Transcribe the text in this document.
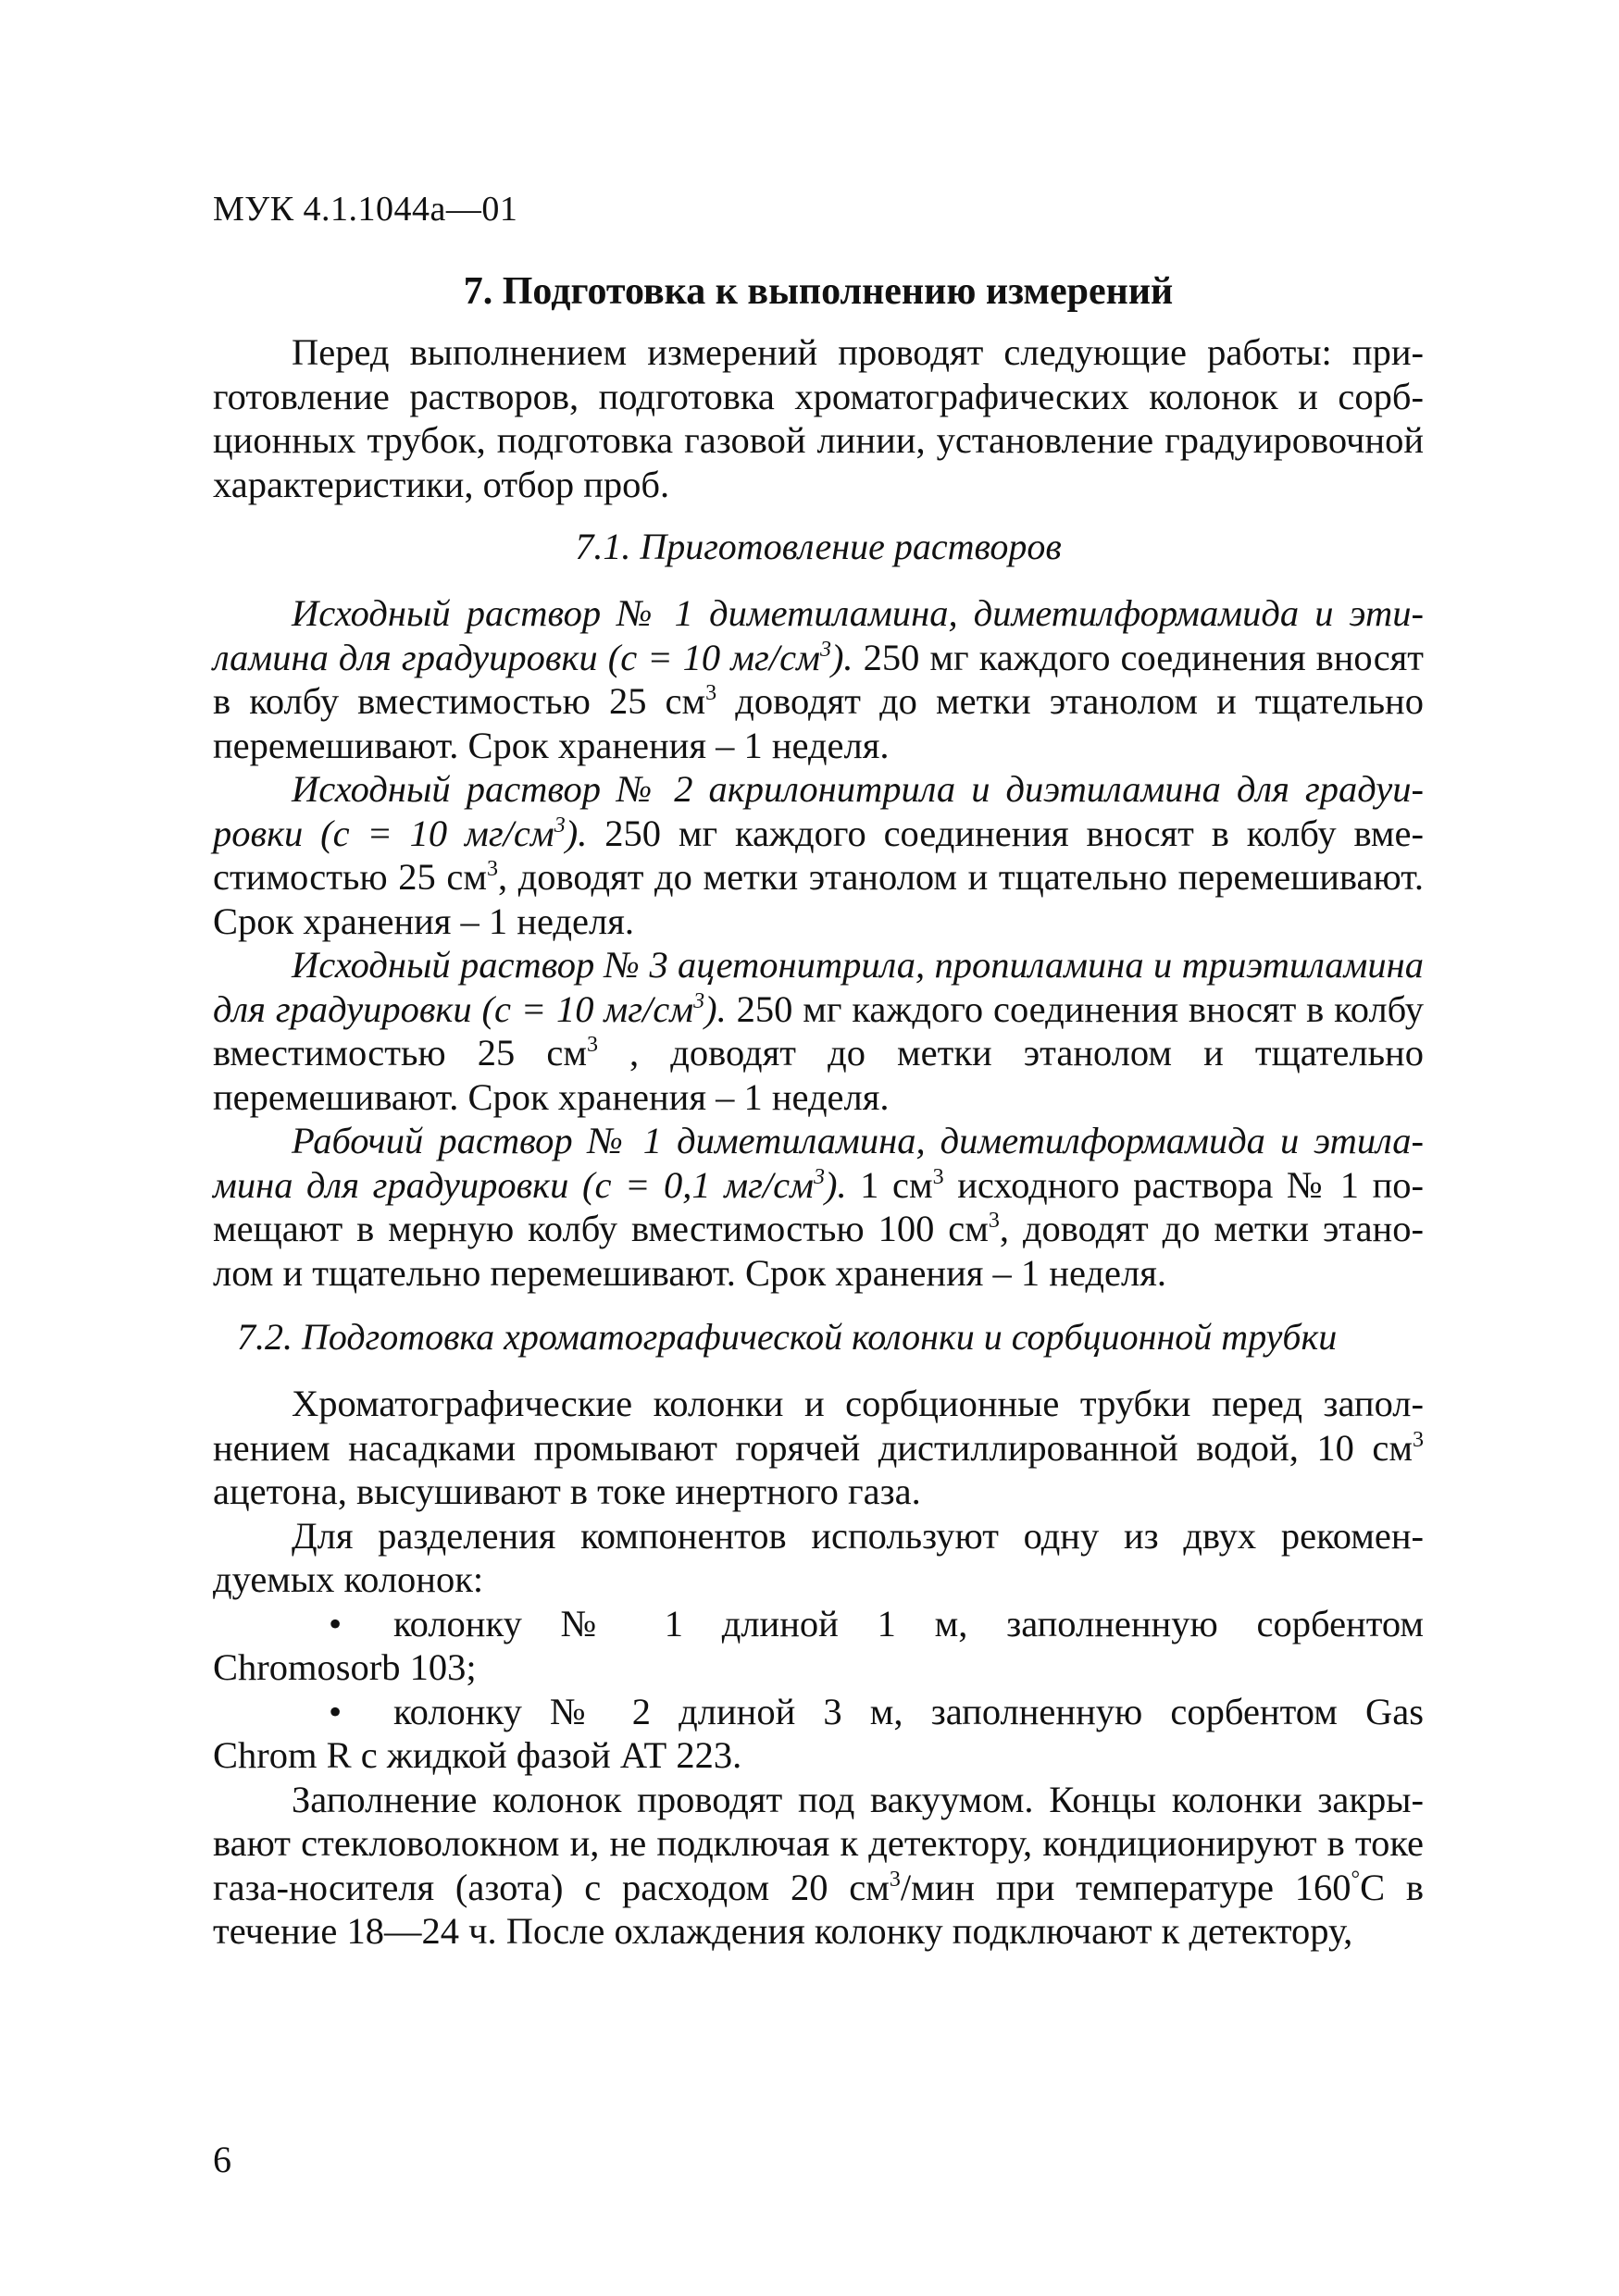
МУК 4.1.1044а—01
7. Подготовка к выполнению измерений

Перед выполнением измерений проводят следующие работы: приготовление растворов, подготовка хроматографических колонок и сорбционных трубок, подготовка газовой линии, установление градуировочной характеристики, отбор проб.

7.1. Приготовление растворов

Исходный раствор № 1 диметиламина, диметилформамида и этиламина для градуировки (с = 10 $мг/см^3$). 250 мг каждого соединения вносят в колбу вместимостью 25 $см^3$ доводят до метки этанолом и тщательно перемешивают. Срок хранения – 1 неделя.

Исходный раствор № 2 акрилонитрила и диэтиламина для градуировки (с = 10 $мг/см^3$). 250 мг каждого соединения вносят в колбу вместимостью 25 $см^3$, доводят до метки этанолом и тщательно перемешивают. Срок хранения – 1 неделя.

Исходный раствор № 3 ацетонитрила, пропиламина и триэтиламина для градуировки (с = 10 $мг/см^3$). 250 мг каждого соединения вносят в колбу вместимостью 25 $см^3$ , доводят до метки этанолом и тщательно перемешивают. Срок хранения – 1 неделя.

Рабочий раствор № 1 диметиламина, диметилформамида и этиламина для градуировки (с = 0,1 $мг/см^3$). 1 $см^3$ исходного раствора № 1 помещают в мерную колбу вместимостью 100 $см^3$, доводят до метки этанолом и тщательно перемешивают. Срок хранения – 1 неделя.

7.2. Подготовка хроматографической колонки и сорбционной трубки

Хроматографические колонки и сорбционные трубки перед заполнением насадками промывают горячей дистиллированной водой, 10 $см^3$ ацетона, высушивают в токе инертного газа.

Для разделения компонентов используют одну из двух рекомендуемых колонок:

• колонку № 1 длиной 1 м, заполненную сорбентом
Chromosorb 103;
• колонку № 2 длиной 3 м, заполненную сорбентом Gas
Chrom R с жидкой фазой АТ 223.

Заполнение колонок проводят под вакуумом. Концы колонки закрывают стекловолокном и, не подключая к детектору, кондиционируют в токе газа-носителя (азота) с расходом 20 $см^3$/мин при температуре 160°С в течение 18—24 ч. После охлаждения колонку подключают к детектору,

6
